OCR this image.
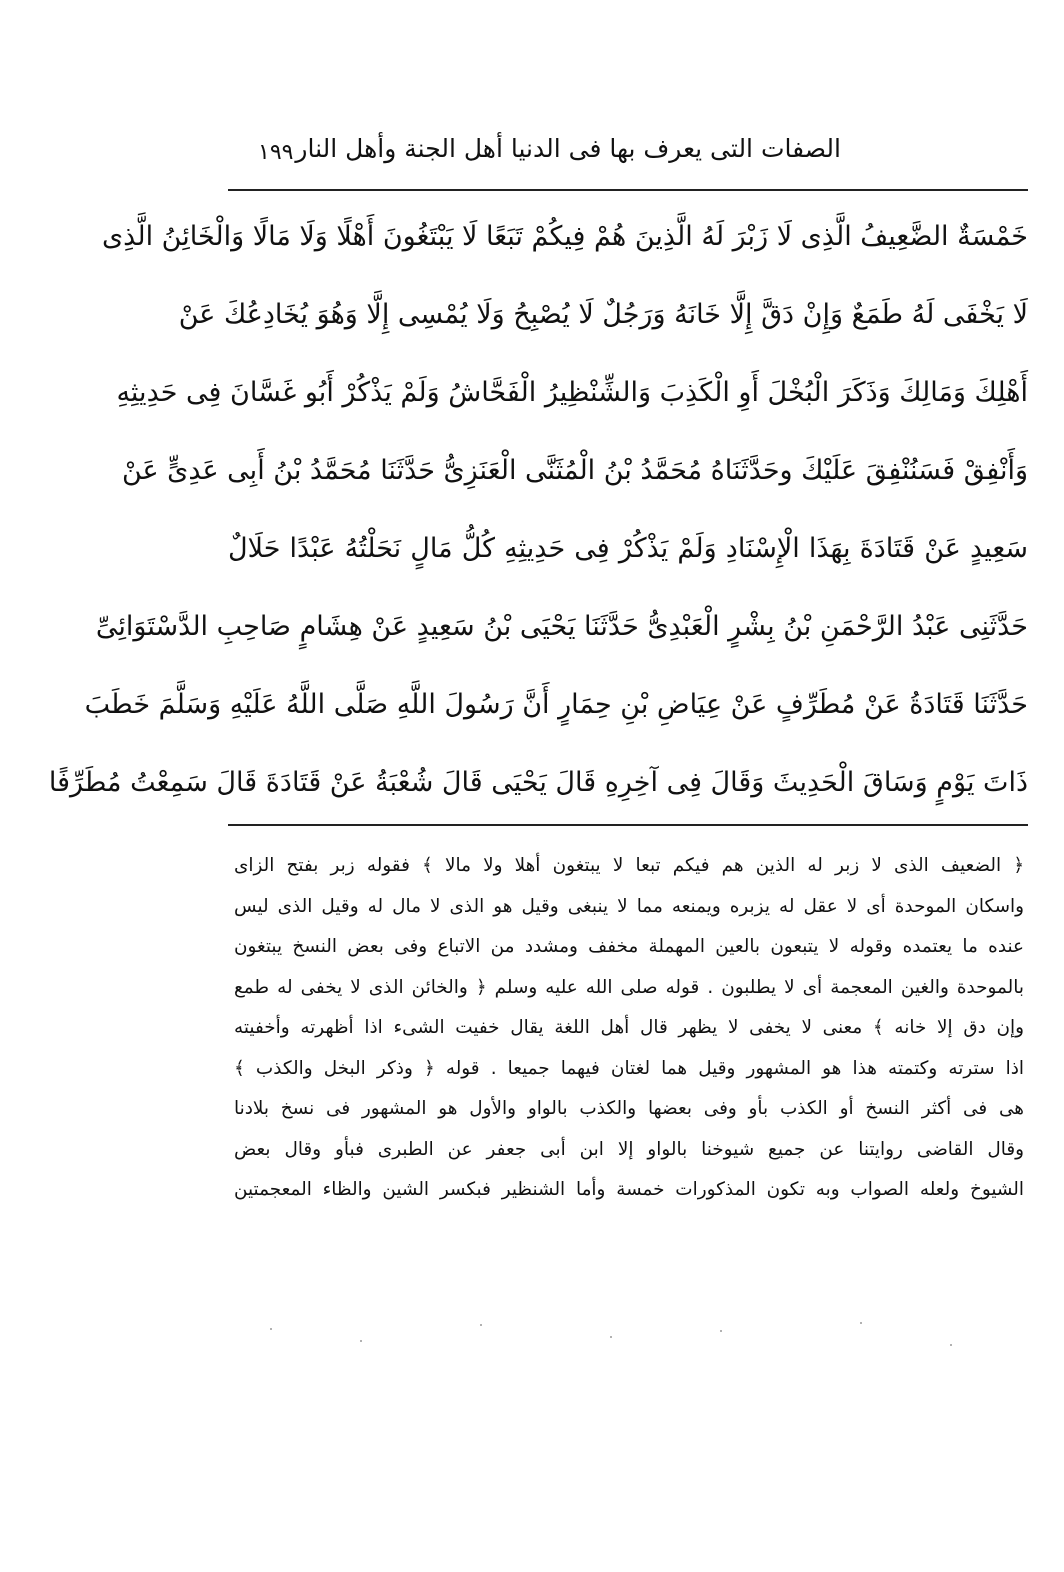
الصفات التى يعرف بها فى الدنيا أهل الجنة وأهل النار
١٩٩
خَمْسَةٌ الضَّعِيفُ الَّذِى لَا زَبْرَ لَهُ الَّذِينَ هُمْ فِيكُمْ تَبَعًا لَا يَبْتَغُونَ أَهْلًا وَلَا مَالًا وَالْخَائِنُ الَّذِى
لَا يَخْفَى لَهُ طَمَعٌ وَإِنْ دَقَّ إِلَّا خَانَهُ وَرَجُلٌ لَا يُصْبِحُ وَلَا يُمْسِى إِلَّا وَهُوَ يُخَادِعُكَ عَنْ
أَهْلِكَ وَمَالِكَ وَذَكَرَ الْبُخْلَ أَوِ الْكَذِبَ وَالشِّنْظِيرُ الْفَحَّاشُ وَلَمْ يَذْكُرْ أَبُو غَسَّانَ فِى حَدِيثِهِ
وَأَنْفِقْ فَسَنُنْفِقَ عَلَيْكَ وحَدَّثَنَاهُ مُحَمَّدُ بْنُ الْمُثَنَّى الْعَنَزِىُّ حَدَّثَنَا مُحَمَّدُ بْنُ أَبِى عَدِىٍّ عَنْ
سَعِيدٍ عَنْ قَتَادَةَ بِهَذَا الْإِسْنَادِ وَلَمْ يَذْكُرْ فِى حَدِيثِهِ كُلُّ مَالٍ نَحَلْتُهُ عَبْدًا حَلَالٌ
حَدَّثَنِى عَبْدُ الرَّحْمَنِ بْنُ بِشْرٍ الْعَبْدِىُّ حَدَّثَنَا يَحْيَى بْنُ سَعِيدٍ عَنْ هِشَامٍ صَاحِبِ الدَّسْتَوَائِىِّ
حَدَّثَنَا قَتَادَةُ عَنْ مُطَرِّفٍ عَنْ عِيَاضِ بْنِ حِمَارٍ أَنَّ رَسُولَ اللَّهِ صَلَّى اللَّهُ عَلَيْهِ وَسَلَّمَ خَطَبَ
ذَاتَ يَوْمٍ وَسَاقَ الْحَدِيثَ وَقَالَ فِى آخِرِهِ قَالَ يَحْيَى قَالَ شُعْبَةُ عَنْ قَتَادَةَ قَالَ سَمِعْتُ مُطَرِّفًا
﴿ الضعيف الذى لا زبر له الذين هم فيكم تبعا لا يبتغون أهلا ولا مالا ﴾ فقوله زبر بفتح الزاى
واسكان الموحدة أى لا عقل له يزبره ويمنعه مما لا ينبغى وقيل هو الذى لا مال له وقيل الذى ليس
عنده ما يعتمده وقوله لا يتبعون بالعين المهملة مخفف ومشدد من الاتباع وفى بعض النسخ يبتغون
بالموحدة والغين المعجمة أى لا يطلبون . قوله صلى الله عليه وسلم ﴿ والخائن الذى لا يخفى له طمع
وإن دق إلا خانه ﴾ معنى لا يخفى لا يظهر قال أهل اللغة يقال خفيت الشىء اذا أظهرته وأخفيته
اذا سترته وكتمته هذا هو المشهور وقيل هما لغتان فيهما جميعا . قوله ﴿ وذكر البخل والكذب ﴾
هى فى أكثر النسخ أو الكذب بأو وفى بعضها والكذب بالواو والأول هو المشهور فى نسخ بلادنا
وقال القاضى روايتنا عن جميع شيوخنا بالواو إلا ابن أبى جعفر عن الطبرى فبأو وقال بعض
الشيوخ ولعله الصواب وبه تكون المذكورات خمسة وأما الشنظير فبكسر الشين والظاء المعجمتين
